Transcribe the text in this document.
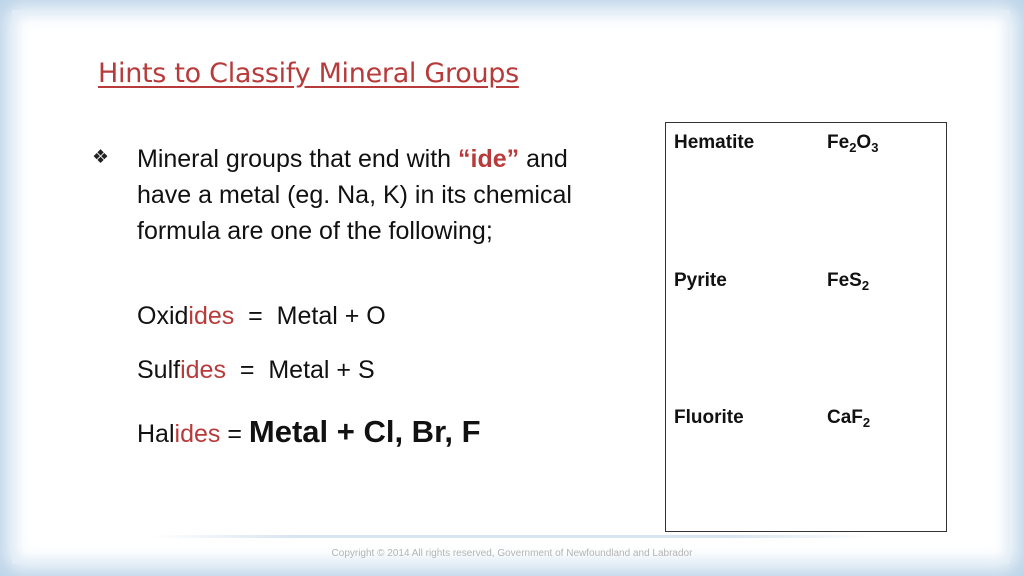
Hints to Classify Mineral Groups
❖ Mineral groups that end with “ide” and have a metal (eg. Na, K) in its chemical formula are one of the following;
Oxidides  =  Metal + O
Sulfides  =  Metal + S
Halides = Metal + Cl, Br, F
Hematite	$Fe_2O_3$
Pyrite	FeS$_2$
Fluorite	CaF$_2$
Copyright © 2014 All rights reserved, Government of Newfoundland and Labrador
